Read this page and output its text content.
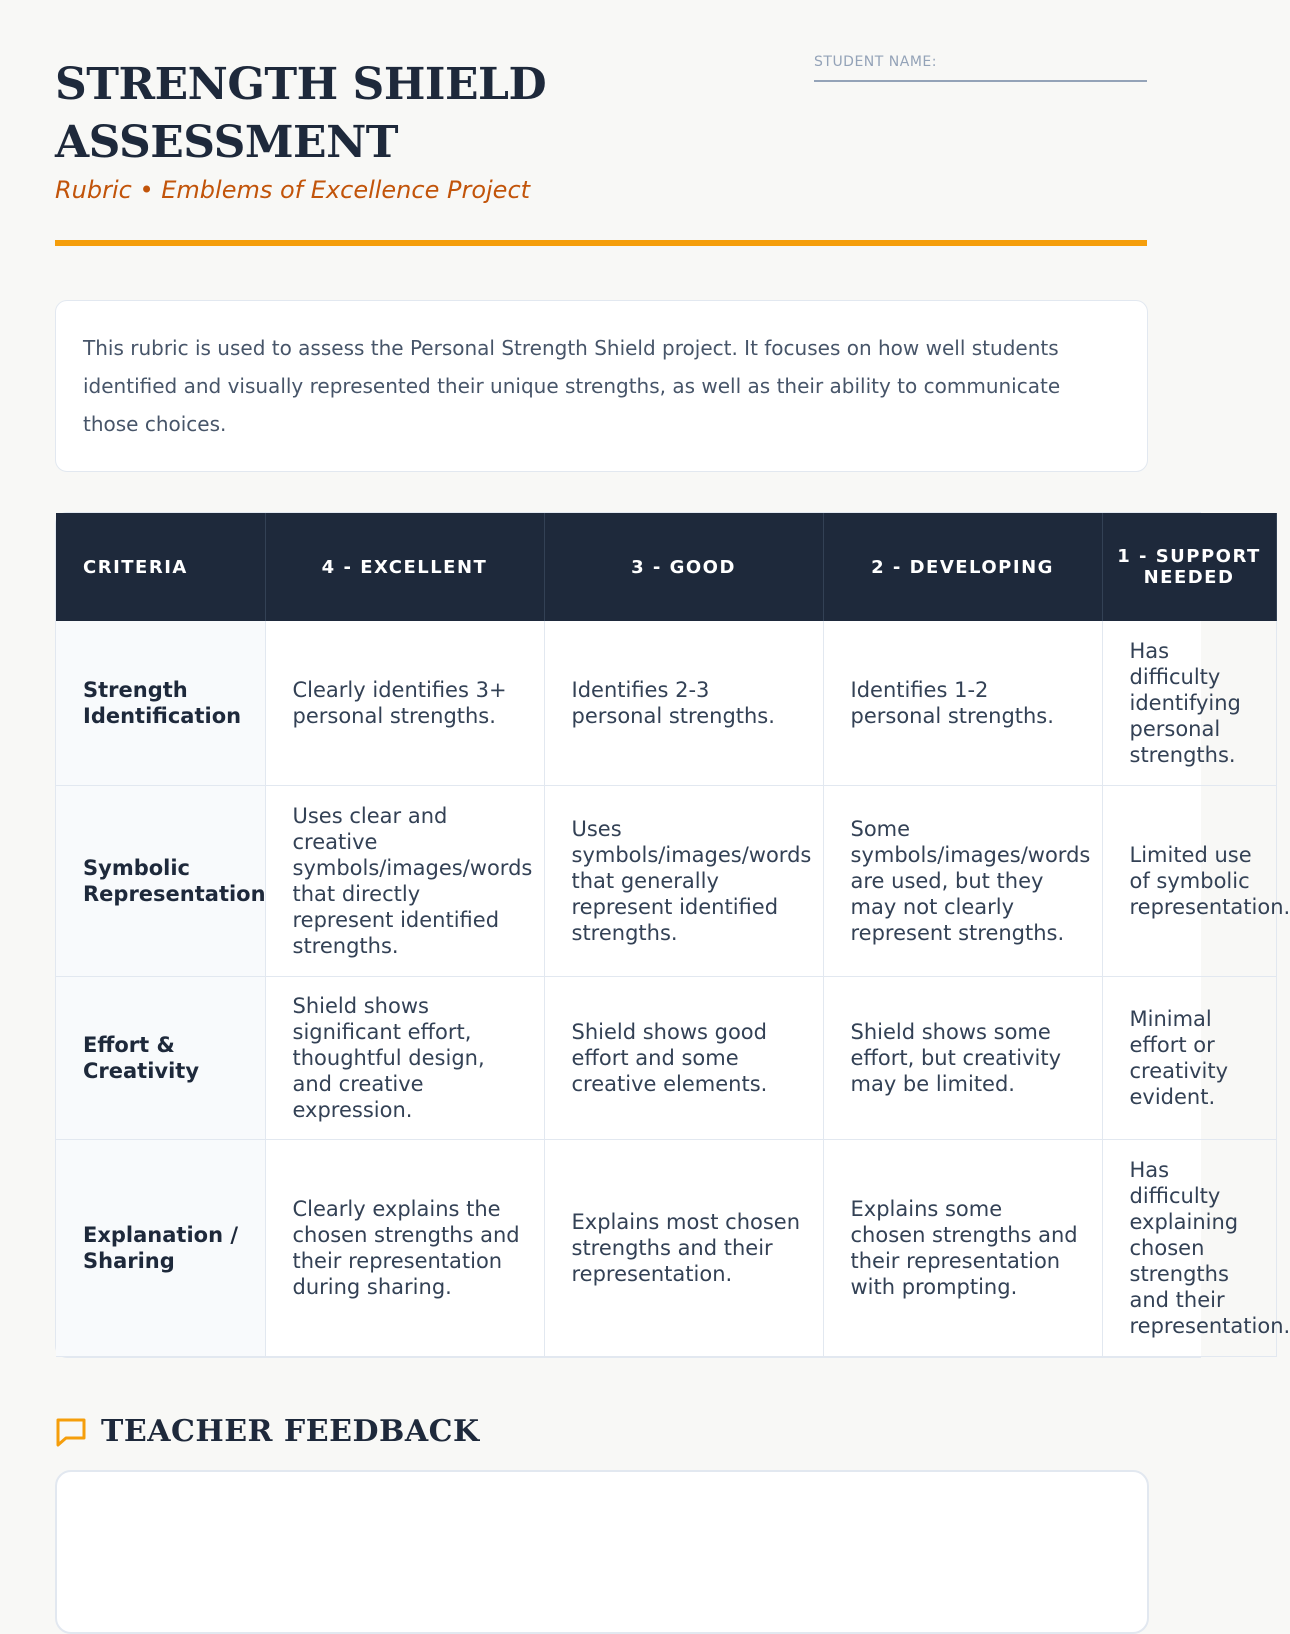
STRENGTH SHIELD ASSESSMENT
Rubric • Emblems of Excellence Project
STUDENT NAME:
This rubric is used to assess the Personal Strength Shield project. It focuses on how well students identified and visually represented their unique strengths, as well as their ability to communicate those choices.
CRITERIA	4 - EXCELLENT	3 - GOOD	2 - DEVELOPING	1 - SUPPORT NEEDED
Strength Identification	Clearly identifies 3+ personal strengths.	Identifies 2-3 personal strengths.	Identifies 1-2 personal strengths.	Has difficulty identifying personal strengths.
Symbolic Representation	Uses clear and creative symbols/images/words that directly represent identified strengths.	Uses symbols/images/words that generally represent identified strengths.	Some symbols/images/words are used, but they may not clearly represent strengths.	Limited use of symbolic representation.
Effort & Creativity	Shield shows significant effort, thoughtful design, and creative expression.	Shield shows good effort and some creative elements.	Shield shows some effort, but creativity may be limited.	Minimal effort or creativity evident.
Explanation / Sharing	Clearly explains the chosen strengths and their representation during sharing.	Explains most chosen strengths and their representation.	Explains some chosen strengths and their representation with prompting.	Has difficulty explaining chosen strengths and their representation.
TEACHER FEEDBACK
